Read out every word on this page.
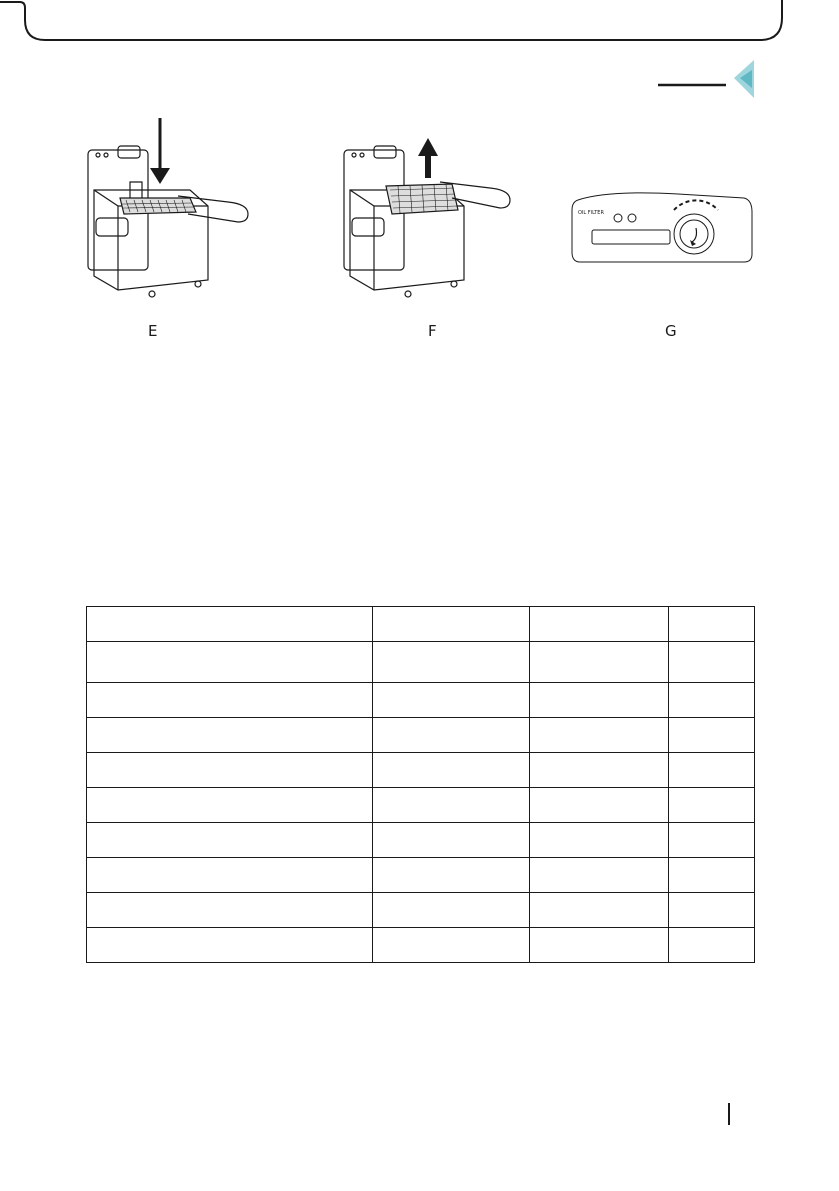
OIL FILTER
E	F	G
